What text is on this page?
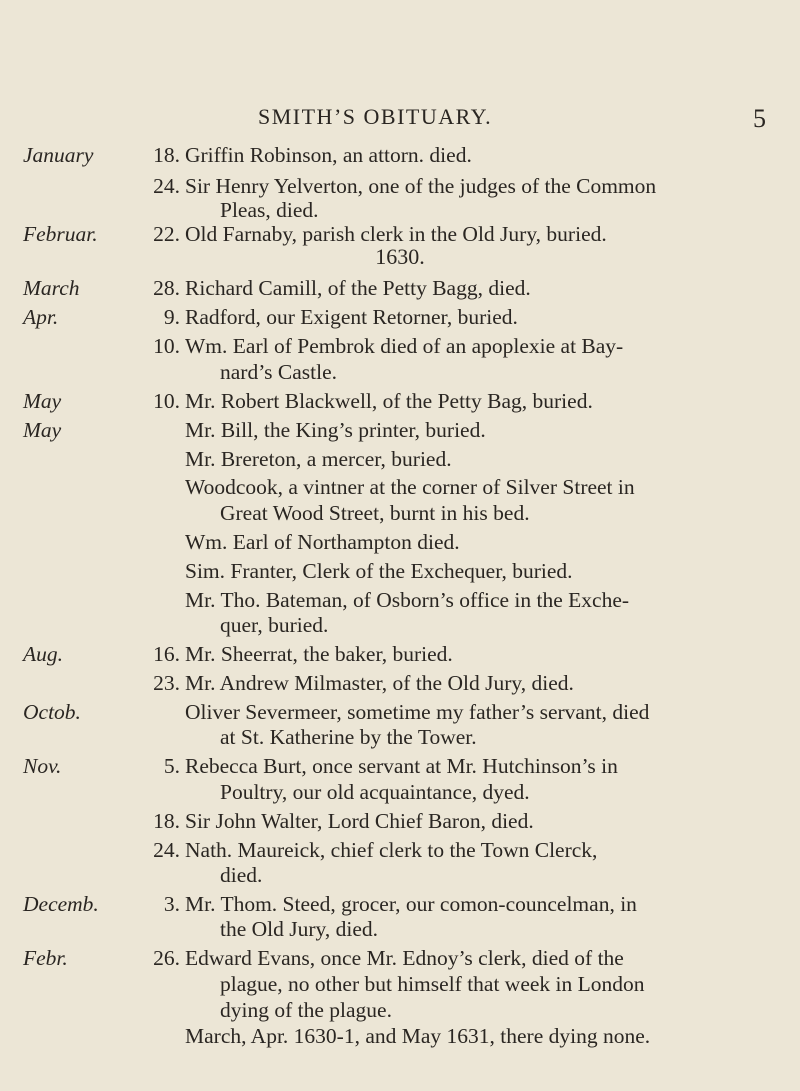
SMITH’S OBITUARY.	5
1630.
January	18. Griffin Robinson, an attorn. died.
24. Sir Henry Yelverton, one of the judges of the Common
Pleas, died.
Februar.	22. Old Farnaby, parish clerk in the Old Jury, buried.
March	28. Richard Camill, of the Petty Bagg, died.
Apr.	9. Radford, our Exigent Retorner, buried.
10. Wm. Earl of Pembrok died of an apoplexie at Bay-
nard’s Castle.
May	10. Mr. Robert Blackwell, of the Petty Bag, buried.
May	Mr. Bill, the King’s printer, buried.
Mr. Brereton, a mercer, buried.
Woodcook, a vintner at the corner of Silver Street in
Great Wood Street, burnt in his bed.
Wm. Earl of Northampton died.
Sim. Franter, Clerk of the Exchequer, buried.
Mr. Tho. Bateman, of Osborn’s office in the Exche-
quer, buried.
Aug.	16. Mr. Sheerrat, the baker, buried.
23. Mr. Andrew Milmaster, of the Old Jury, died.
Octob.	Oliver Severmeer, sometime my father’s servant, died
at St. Katherine by the Tower.
Nov.	5. Rebecca Burt, once servant at Mr. Hutchinson’s in
Poultry, our old acquaintance, dyed.
18. Sir John Walter, Lord Chief Baron, died.
24. Nath. Maureick, chief clerk to the Town Clerck,
died.
Decemb.	3. Mr. Thom. Steed, grocer, our comon-councelman, in
the Old Jury, died.
Febr.	26. Edward Evans, once Mr. Ednoy’s clerk, died of the
plague, no other but himself that week in London
dying of the plague.
March, Apr. 1630-1, and May 1631, there dying none.
